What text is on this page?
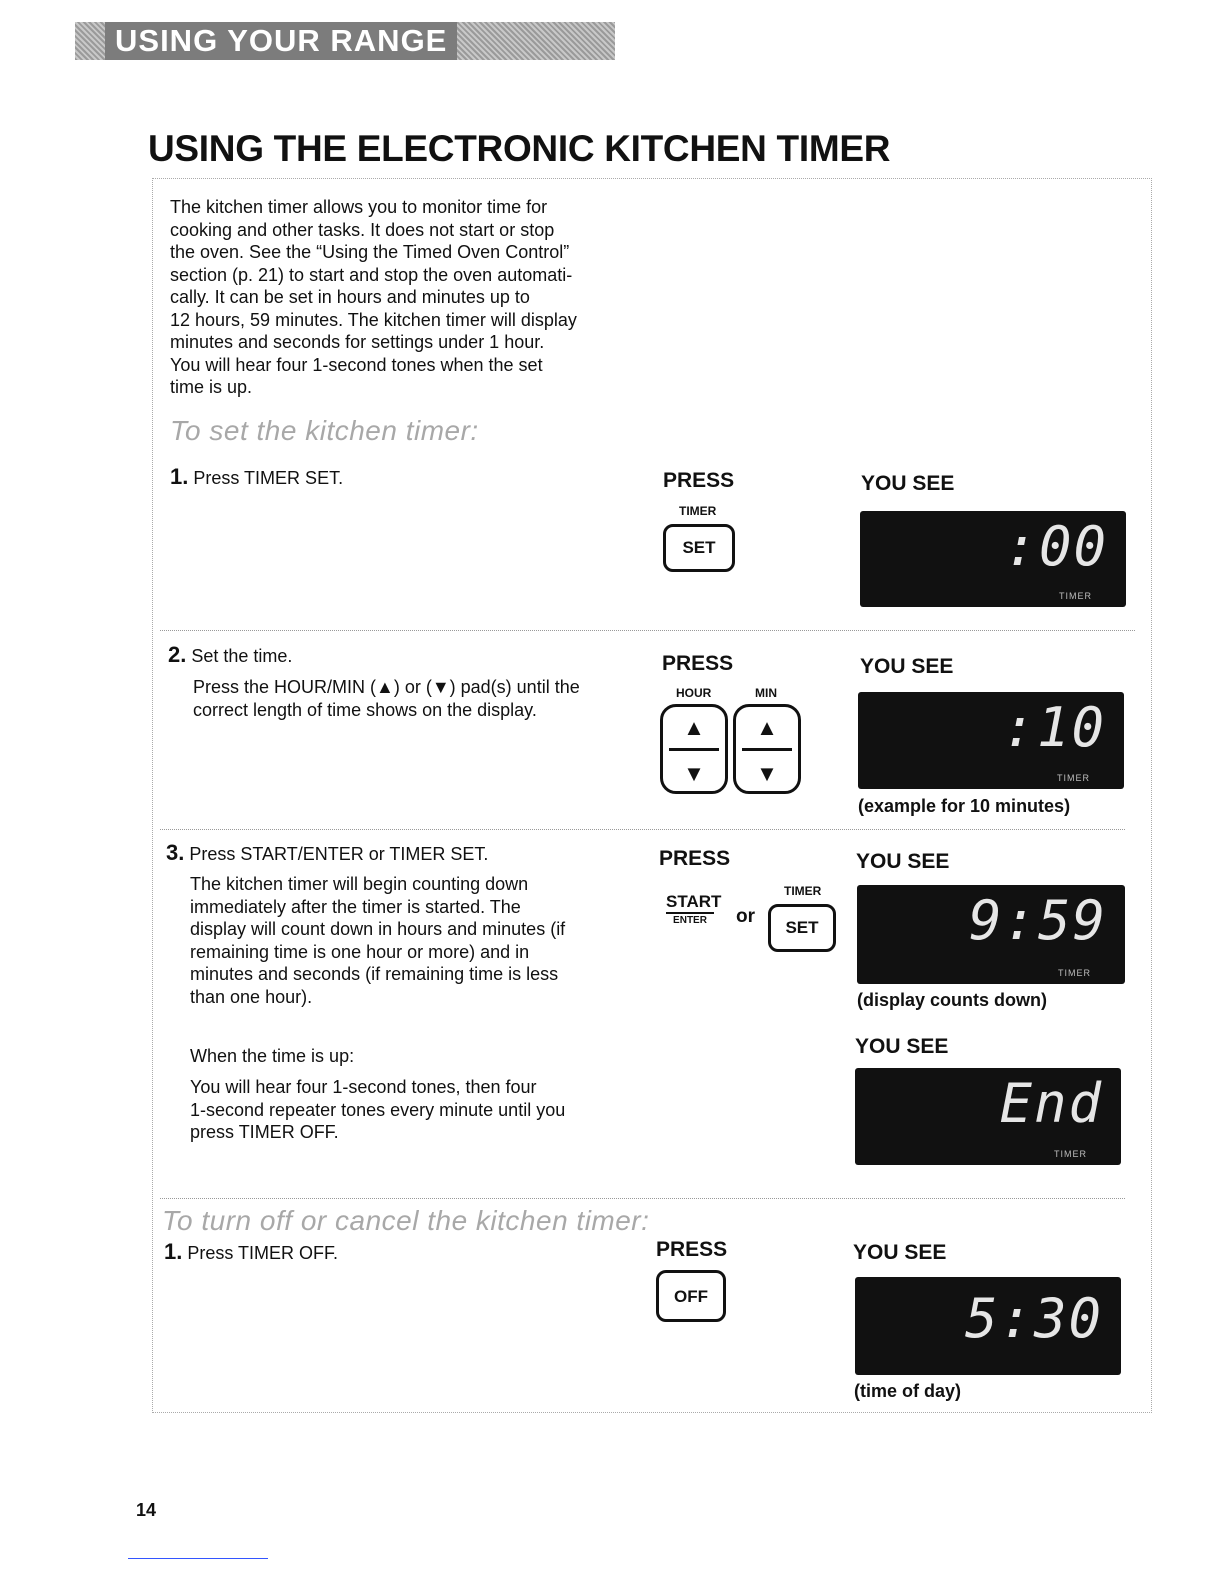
USING YOUR RANGE
USING THE ELECTRONIC KITCHEN TIMER
The kitchen timer allows you to monitor time for
cooking and other tasks. It does not start or stop
the oven. See the “Using the Timed Oven Control”
section (p. 21) to start and stop the oven automati-
cally. It can be set in hours and minutes up to
12 hours, 59 minutes. The kitchen timer will display
minutes and seconds for settings under 1 hour.
You will hear four 1-second tones when the set
time is up.
To set the kitchen timer:
1. Press TIMER SET.	PRESS	YOU SEE
TIMER
SET	:00
TIMER
2. Set the time.
Press the HOUR/MIN (▲) or (▼) pad(s) until the
correct length of time shows on the display.
PRESS	YOU SEE
HOUR	MIN
▲
▼
▲
▼
:10
TIMER
(example for 10 minutes)
3. Press START/ENTER or TIMER SET.
The kitchen timer will begin counting down
immediately after the timer is started. The
display will count down in hours and minutes (if
remaining time is one hour or more) and in
minutes and seconds (if remaining time is less
than one hour).
PRESS	YOU SEE
START
ENTER	or
TIMER
SET	9:59
TIMER
(display counts down)
When the time is up:
You will hear four 1-second tones, then four
1-second repeater tones every minute until you
press TIMER OFF.
YOU SEE
End
TIMER
To turn off or cancel the kitchen timer:
1. Press TIMER OFF.	PRESS	YOU SEE
OFF	5:30
(time of day)
14
